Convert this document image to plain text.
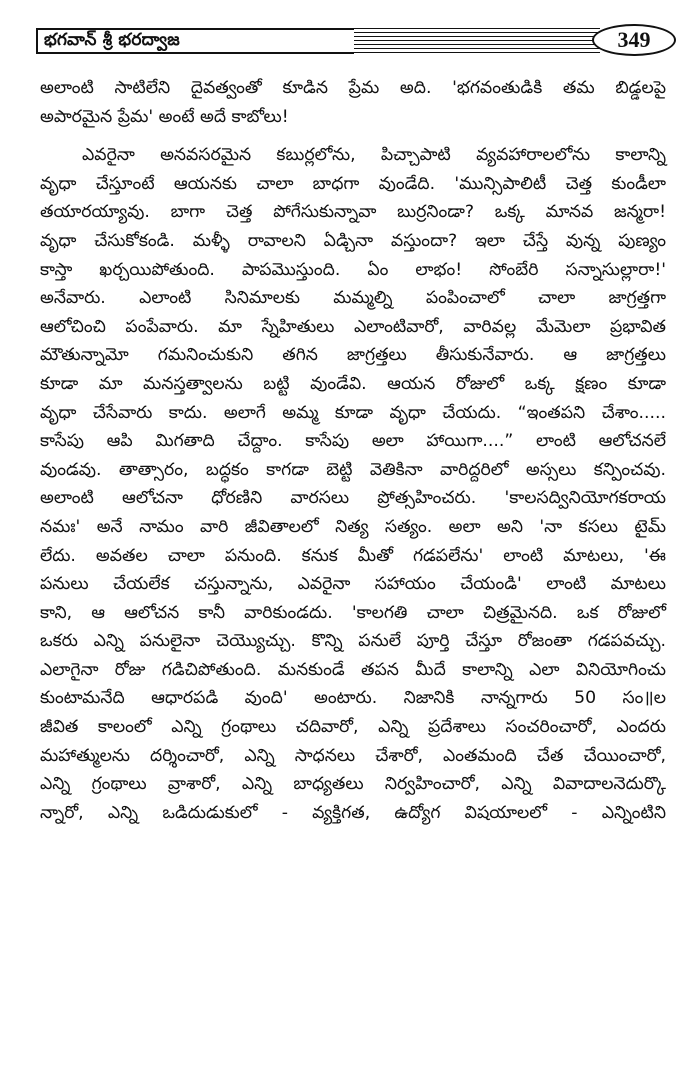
భగవాన్ శ్రీ భరద్వాజ	349
అలాంటి సాటిలేని దైవత్వంతో కూడిన ప్రేమ అది. 'భగవంతుడికి తమ బిడ్డలపై
అపారమైన ప్రేమ' అంటే అదే కాబోలు!
ఎవరైనా అనవసరమైన కబుర్లలోను, పిచ్చాపాటి వ్యవహారాలలోను కాలాన్ని
వృధా చేస్తూంటే ఆయనకు చాలా బాధగా వుండేది. 'మున్సిపాలిటీ చెత్త కుండీలా
తయారయ్యావు. బాగా చెత్త పోగేసుకున్నావా బుర్రనిండా? ఒక్క మానవ జన్మరా!
వృధా చేసుకోకండి. మళ్ళీ రావాలని ఏడ్చినా వస్తుందా? ఇలా చేస్తే వున్న పుణ్యం
కాస్తా ఖర్చయిపోతుంది. పాపమొస్తుంది. ఏం లాభం! సోంబేరి సన్నాసుల్లారా!'
అనేవారు. ఎలాంటి సినిమాలకు మమ్మల్ని పంపించాలో చాలా జాగ్రత్తగా
ఆలోచించి పంపేవారు. మా స్నేహితులు ఎలాంటివారో, వారివల్ల మేమెలా ప్రభావిత
మౌతున్నామో గమనించుకుని తగిన జాగ్రత్తలు తీసుకునేవారు. ఆ జాగ్రత్తలు
కూడా మా మనస్తత్వాలను బట్టి వుండేవి. ఆయన రోజులో ఒక్క క్షణం కూడా
వృధా చేసేవారు కాదు. అలాగే అమ్మ కూడా వృధా చేయదు. “ఇంతపని చేశాం.....
కాసేపు ఆపి మిగతాది చేద్దాం. కాసేపు అలా హాయిగా....” లాంటి ఆలోచనలే
వుండవు. తాత్సారం, బద్ధకం కాగడా బెట్టి వెతికినా వారిద్దరిలో అస్సలు కన్పించవు.
అలాంటి ఆలోచనా ధోరణిని వారసలు ప్రోత్సహించరు. 'కాలసద్వినియోగకరాయ
నమః' అనే నామం వారి జీవితాలలో నిత్య సత్యం. అలా అని 'నా కసలు టైమ్
లేదు. అవతల చాలా పనుంది. కనుక మీతో గడపలేను' లాంటి మాటలు, 'ఈ
పనులు చేయలేక చస్తున్నాను, ఎవరైనా సహాయం చేయండి' లాంటి మాటలు
కాని, ఆ ఆలోచన కానీ వారికుండదు. 'కాలగతి చాలా చిత్రమైనది. ఒక రోజులో
ఒకరు ఎన్ని పనులైనా చెయ్యొచ్చు. కొన్ని పనులే పూర్తి చేస్తూ రోజంతా గడపవచ్చు.
ఎలాగైనా రోజు గడిచిపోతుంది. మనకుండే తపన మీదే కాలాన్ని ఎలా వినియోగించు
కుంటామనేది ఆధారపడి వుంది' అంటారు. నిజానికి నాన్నగారు 50 సం॥ల
జీవిత కాలంలో ఎన్ని గ్రంథాలు చదివారో, ఎన్ని ప్రదేశాలు సంచరించారో, ఎందరు
మహాత్ములను దర్శించారో, ఎన్ని సాధనలు చేశారో, ఎంతమంది చేత చేయించారో,
ఎన్ని గ్రంథాలు వ్రాశారో, ఎన్ని బాధ్యతలు నిర్వహించారో, ఎన్ని వివాదాలనెదుర్కొ
న్నారో, ఎన్ని ఒడిదుడుకులో - వ్యక్తిగత, ఉద్యోగ విషయాలలో - ఎన్నింటిని
